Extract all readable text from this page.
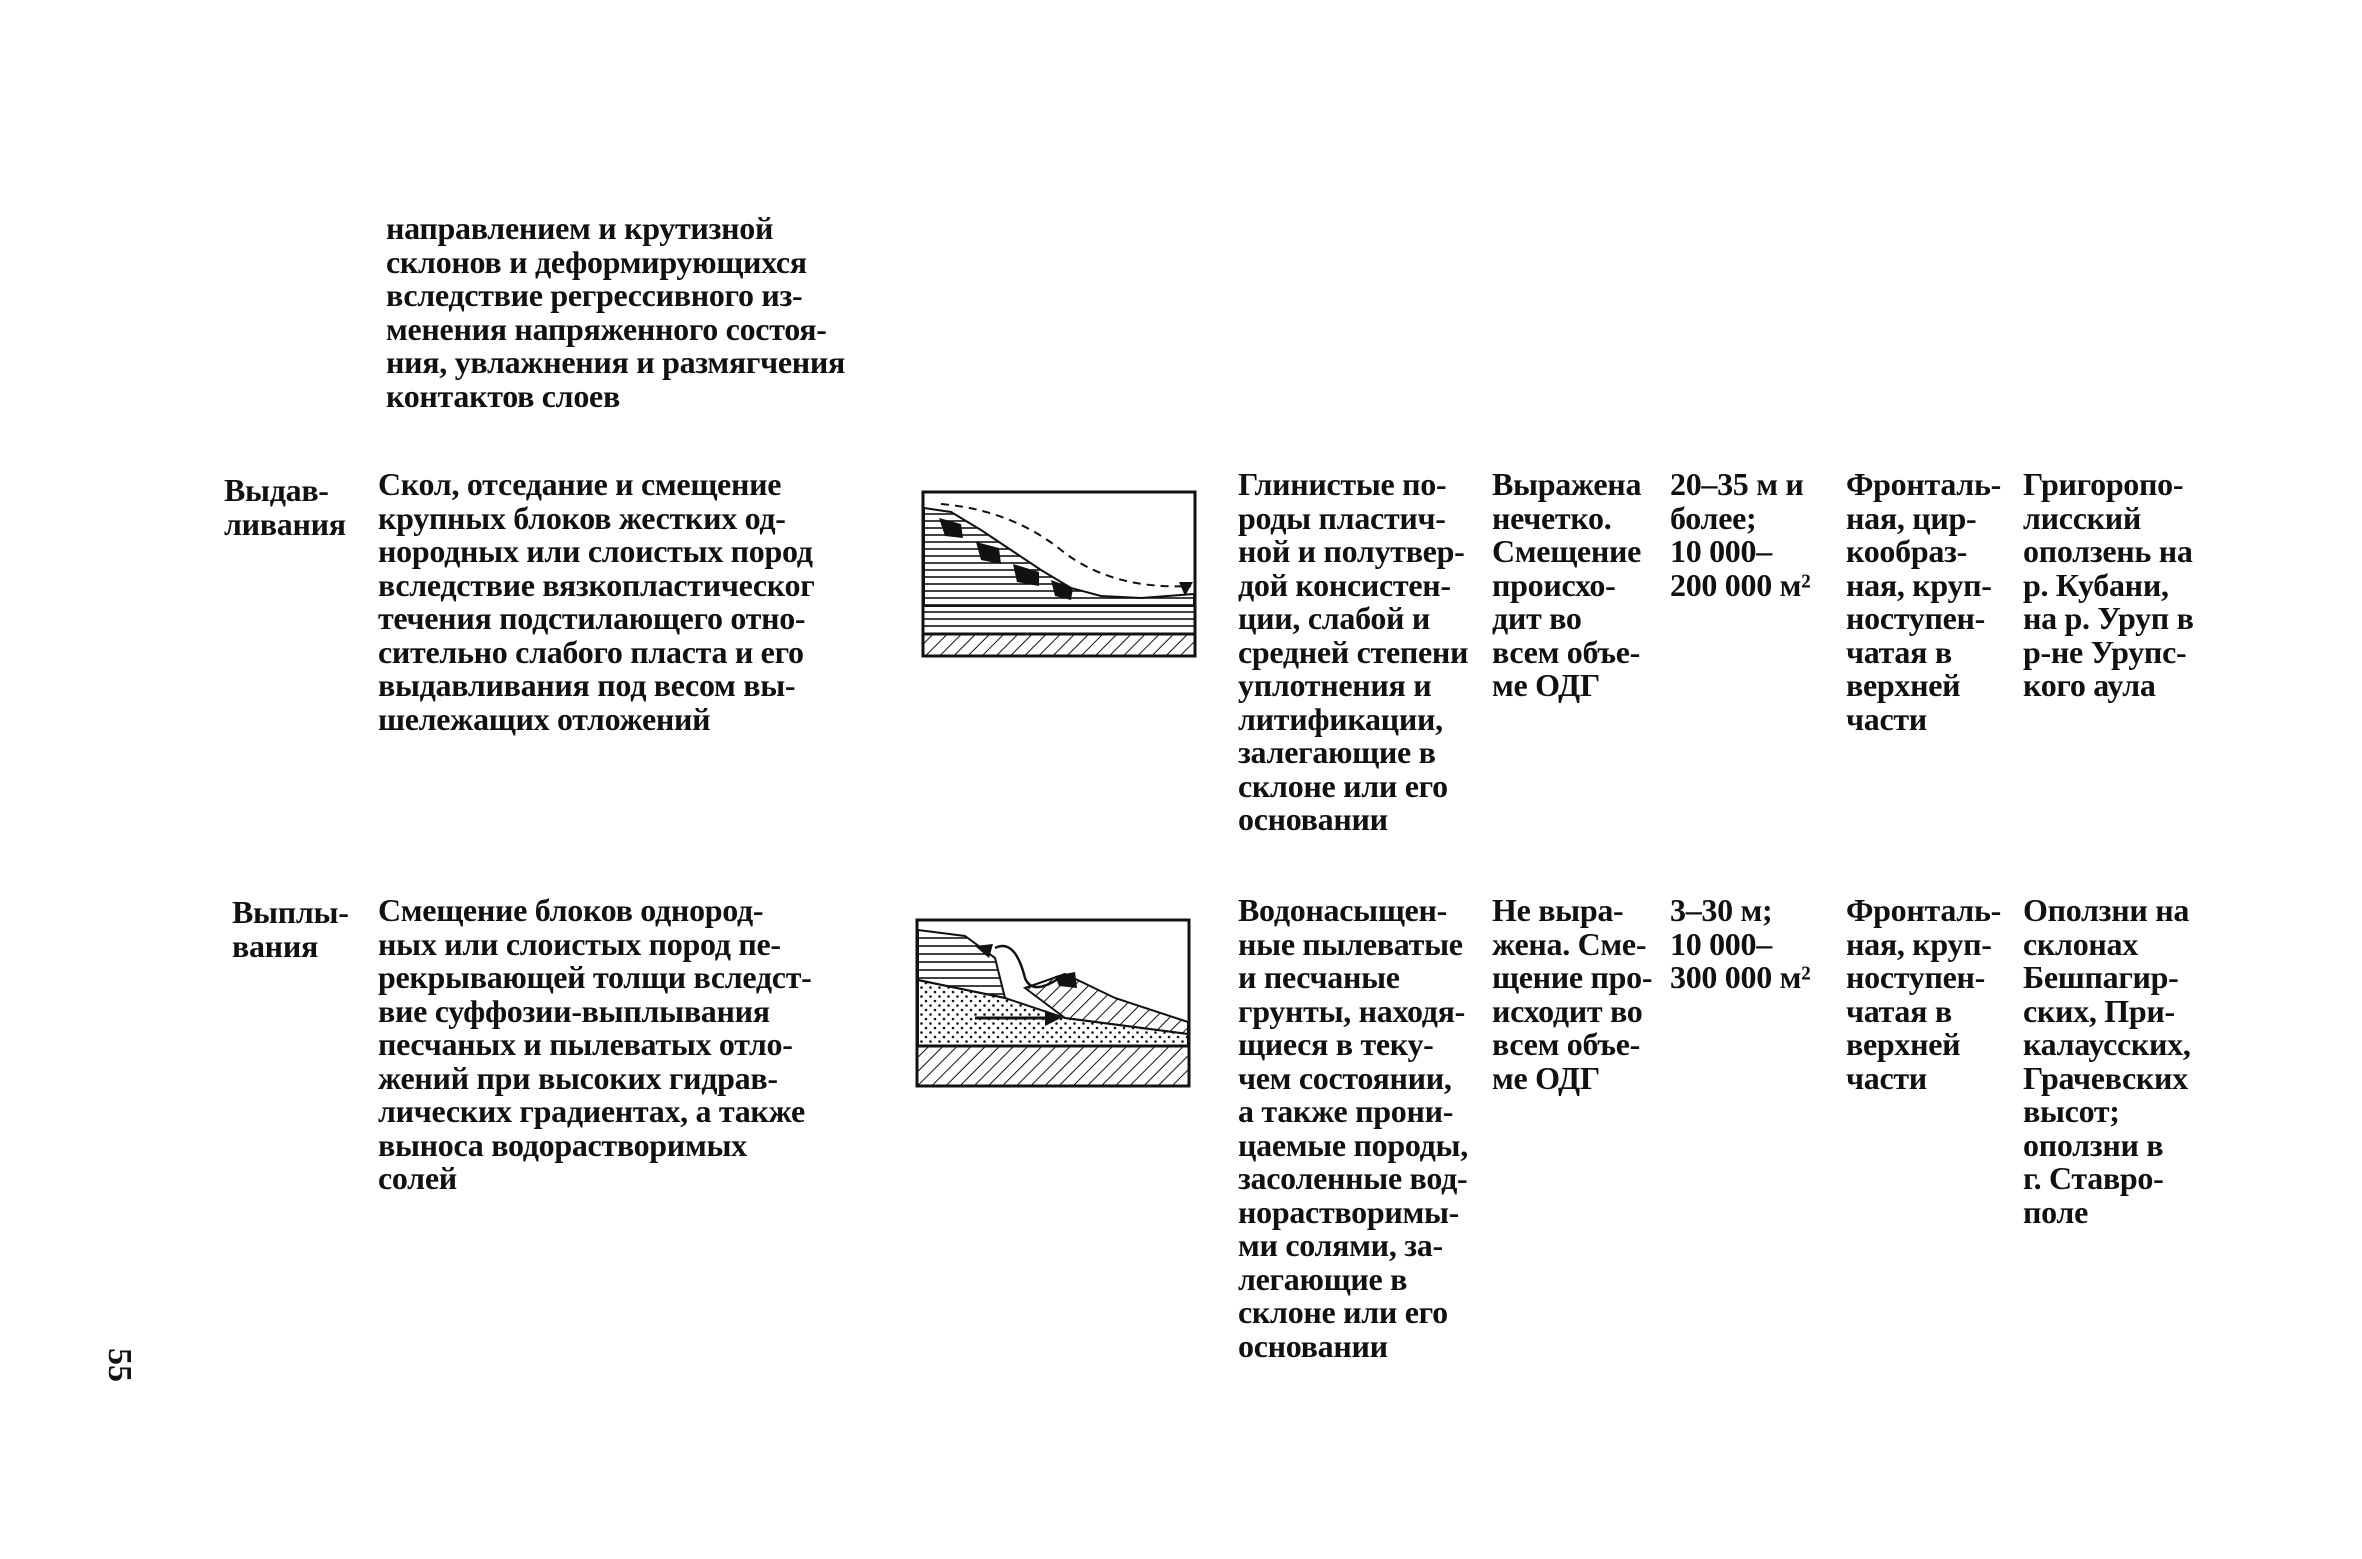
55

направлением и крутизной
склонов и деформирующихся
вследствие регрессивного из-
менения напряженного состоя-
ния, увлажнения и размягчения
контактов слоев

Выдав-
ливания

Скол, отседание и смещение
крупных блоков жестких од-
нородных или слоистых пород
вследствие вязкопластическог
течения подстилающего отно-
сительно слабого пласта и его
выдавливания под весом вы-
шележащих отложений

Глинистые по-
роды пластич-
ной и полутвер-
дой консистен-
ции, слабой и
средней степени
уплотнения и
литификации,
залегающие в
склоне или его
основании

Выражена
нечетко.
Смещение
происхо-
дит во
всем объе-
ме ОДГ

20–35 м и
более;
10 000–
200 000 м²

Фронталь-
ная, цир-
кообраз-
ная, круп-
ноступен-
чатая в
верхней
части

Григоропо-
лисский
оползень на
р. Кубани,
на р. Уруп в
р-не Урупс-
кого аула

Выплы-
вания

Смещение блоков однород-
ных или слоистых пород пе-
рекрывающей толщи вследст-
вие суффозии-выплывания
песчаных и пылеватых отло-
жений при высоких гидрав-
лических градиентах, а также
выноса водорастворимых
солей

Водонасыщен-
ные пылеватые
и песчаные
грунты, находя-
щиеся в теку-
чем состоянии,
а также прони-
цаемые породы,
засоленные вод-
норастворимы-
ми солями, за-
легающие в
склоне или его
основании

Не выра-
жена. Сме-
щение про-
исходит во
всем объе-
ме ОДГ

3–30 м;
10 000–
300 000 м²

Фронталь-
ная, круп-
ноступен-
чатая в
верхней
части

Оползни на
склонах
Бешпагир-
ских, При-
калаусских,
Грачевских
высот;
оползни в
г. Ставро-
поле
